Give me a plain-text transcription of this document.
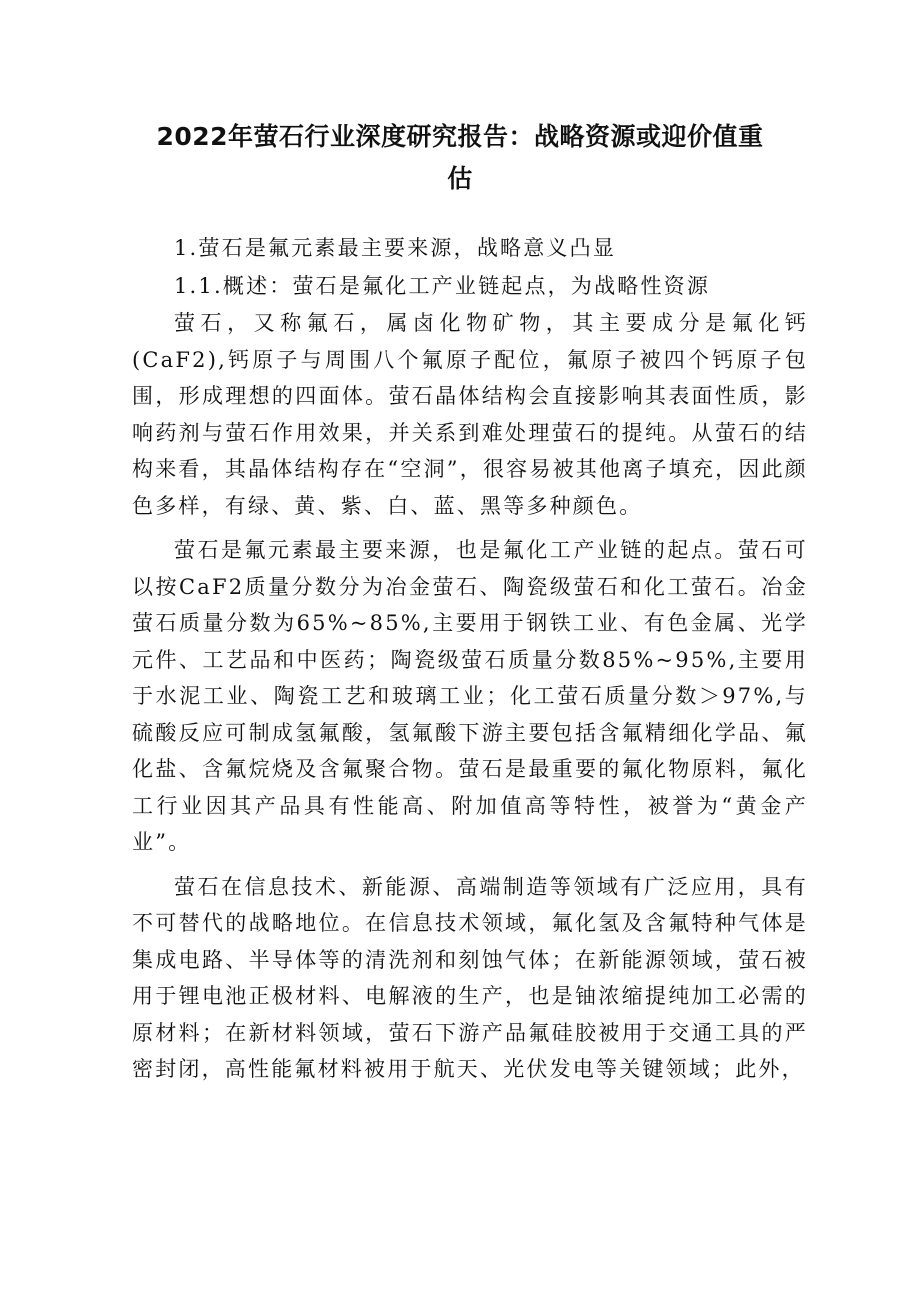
2022年萤石行业深度研究报告：战略资源或迎价值重
估

1.萤石是氟元素最主要来源，战略意义凸显

1.1.概述：萤石是氟化工产业链起点，为战略性资源

萤石，又称氟石，属卤化物矿物，其主要成分是氟化钙(CaF2),钙原子与周围八个氟原子配位，氟原子被四个钙原子包围，形成理想的四面体。萤石晶体结构会直接影响其表面性质，影响药剂与萤石作用效果，并关系到难处理萤石的提纯。从萤石的结构来看，其晶体结构存在“空洞”，很容易被其他离子填充，因此颜色多样，有绿、黄、紫、白、蓝、黑等多种颜色。

萤石是氟元素最主要来源，也是氟化工产业链的起点。萤石可以按CaF2质量分数分为冶金萤石、陶瓷级萤石和化工萤石。冶金萤石质量分数为65%~85%,主要用于钢铁工业、有色金属、光学元件、工艺品和中医药；陶瓷级萤石质量分数85%~95%,主要用于水泥工业、陶瓷工艺和玻璃工业；化工萤石质量分数＞97%,与硫酸反应可制成氢氟酸，氢氟酸下游主要包括含氟精细化学品、氟化盐、含氟烷烧及含氟聚合物。萤石是最重要的氟化物原料，氟化工行业因其产品具有性能高、附加值高等特性，被誉为“黄金产业”。

萤石在信息技术、新能源、高端制造等领域有广泛应用，具有不可替代的战略地位。在信息技术领域，氟化氢及含氟特种气体是集成电路、半导体等的清洗剂和刻蚀气体；在新能源领域，萤石被用于锂电池正极材料、电解液的生产，也是铀浓缩提纯加工必需的原材料；在新材料领域，萤石下游产品氟硅胶被用于交通工具的严密封闭，高性能氟材料被用于航天、光伏发电等关键领域；此外，
